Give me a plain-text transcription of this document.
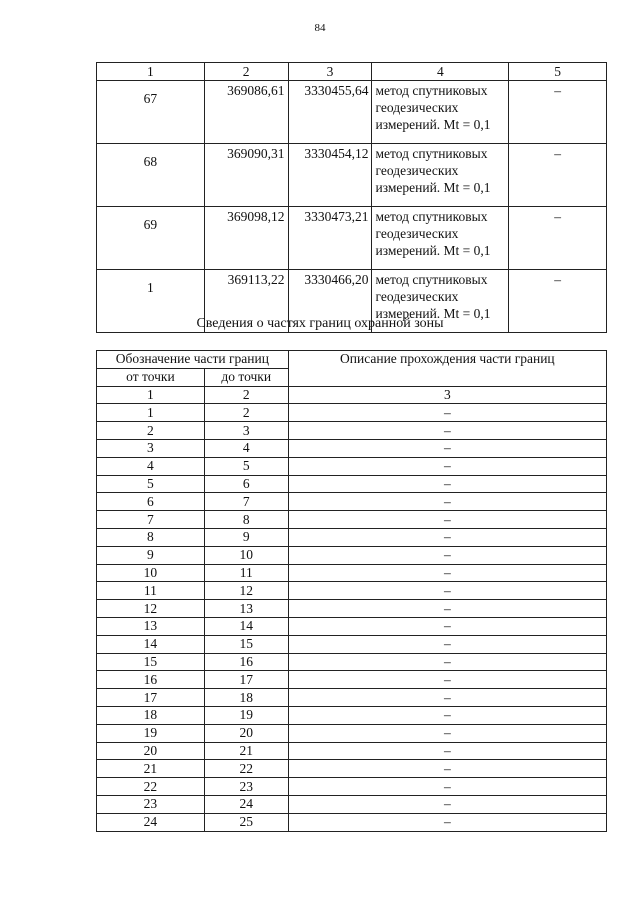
84
1	2	3	4	5
67	369086,61	3330455,64	метод спутниковых геодезических измерений. Mt = 0,1	–
68	369090,31	3330454,12	метод спутниковых геодезических измерений. Mt = 0,1	–
69	369098,12	3330473,21	метод спутниковых геодезических измерений. Mt = 0,1	–
1	369113,22	3330466,20	метод спутниковых геодезических измерений. Mt = 0,1	–
Сведения о частях границ охранной зоны
Обозначение части границ		Описание прохождения части границ
от точки	до точки	
1	2	3
1	2	–
2	3	–
3	4	–
4	5	–
5	6	–
6	7	–
7	8	–
8	9	–
9	10	–
10	11	–
11	12	–
12	13	–
13	14	–
14	15	–
15	16	–
16	17	–
17	18	–
18	19	–
19	20	–
20	21	–
21	22	–
22	23	–
23	24	–
24	25	–
